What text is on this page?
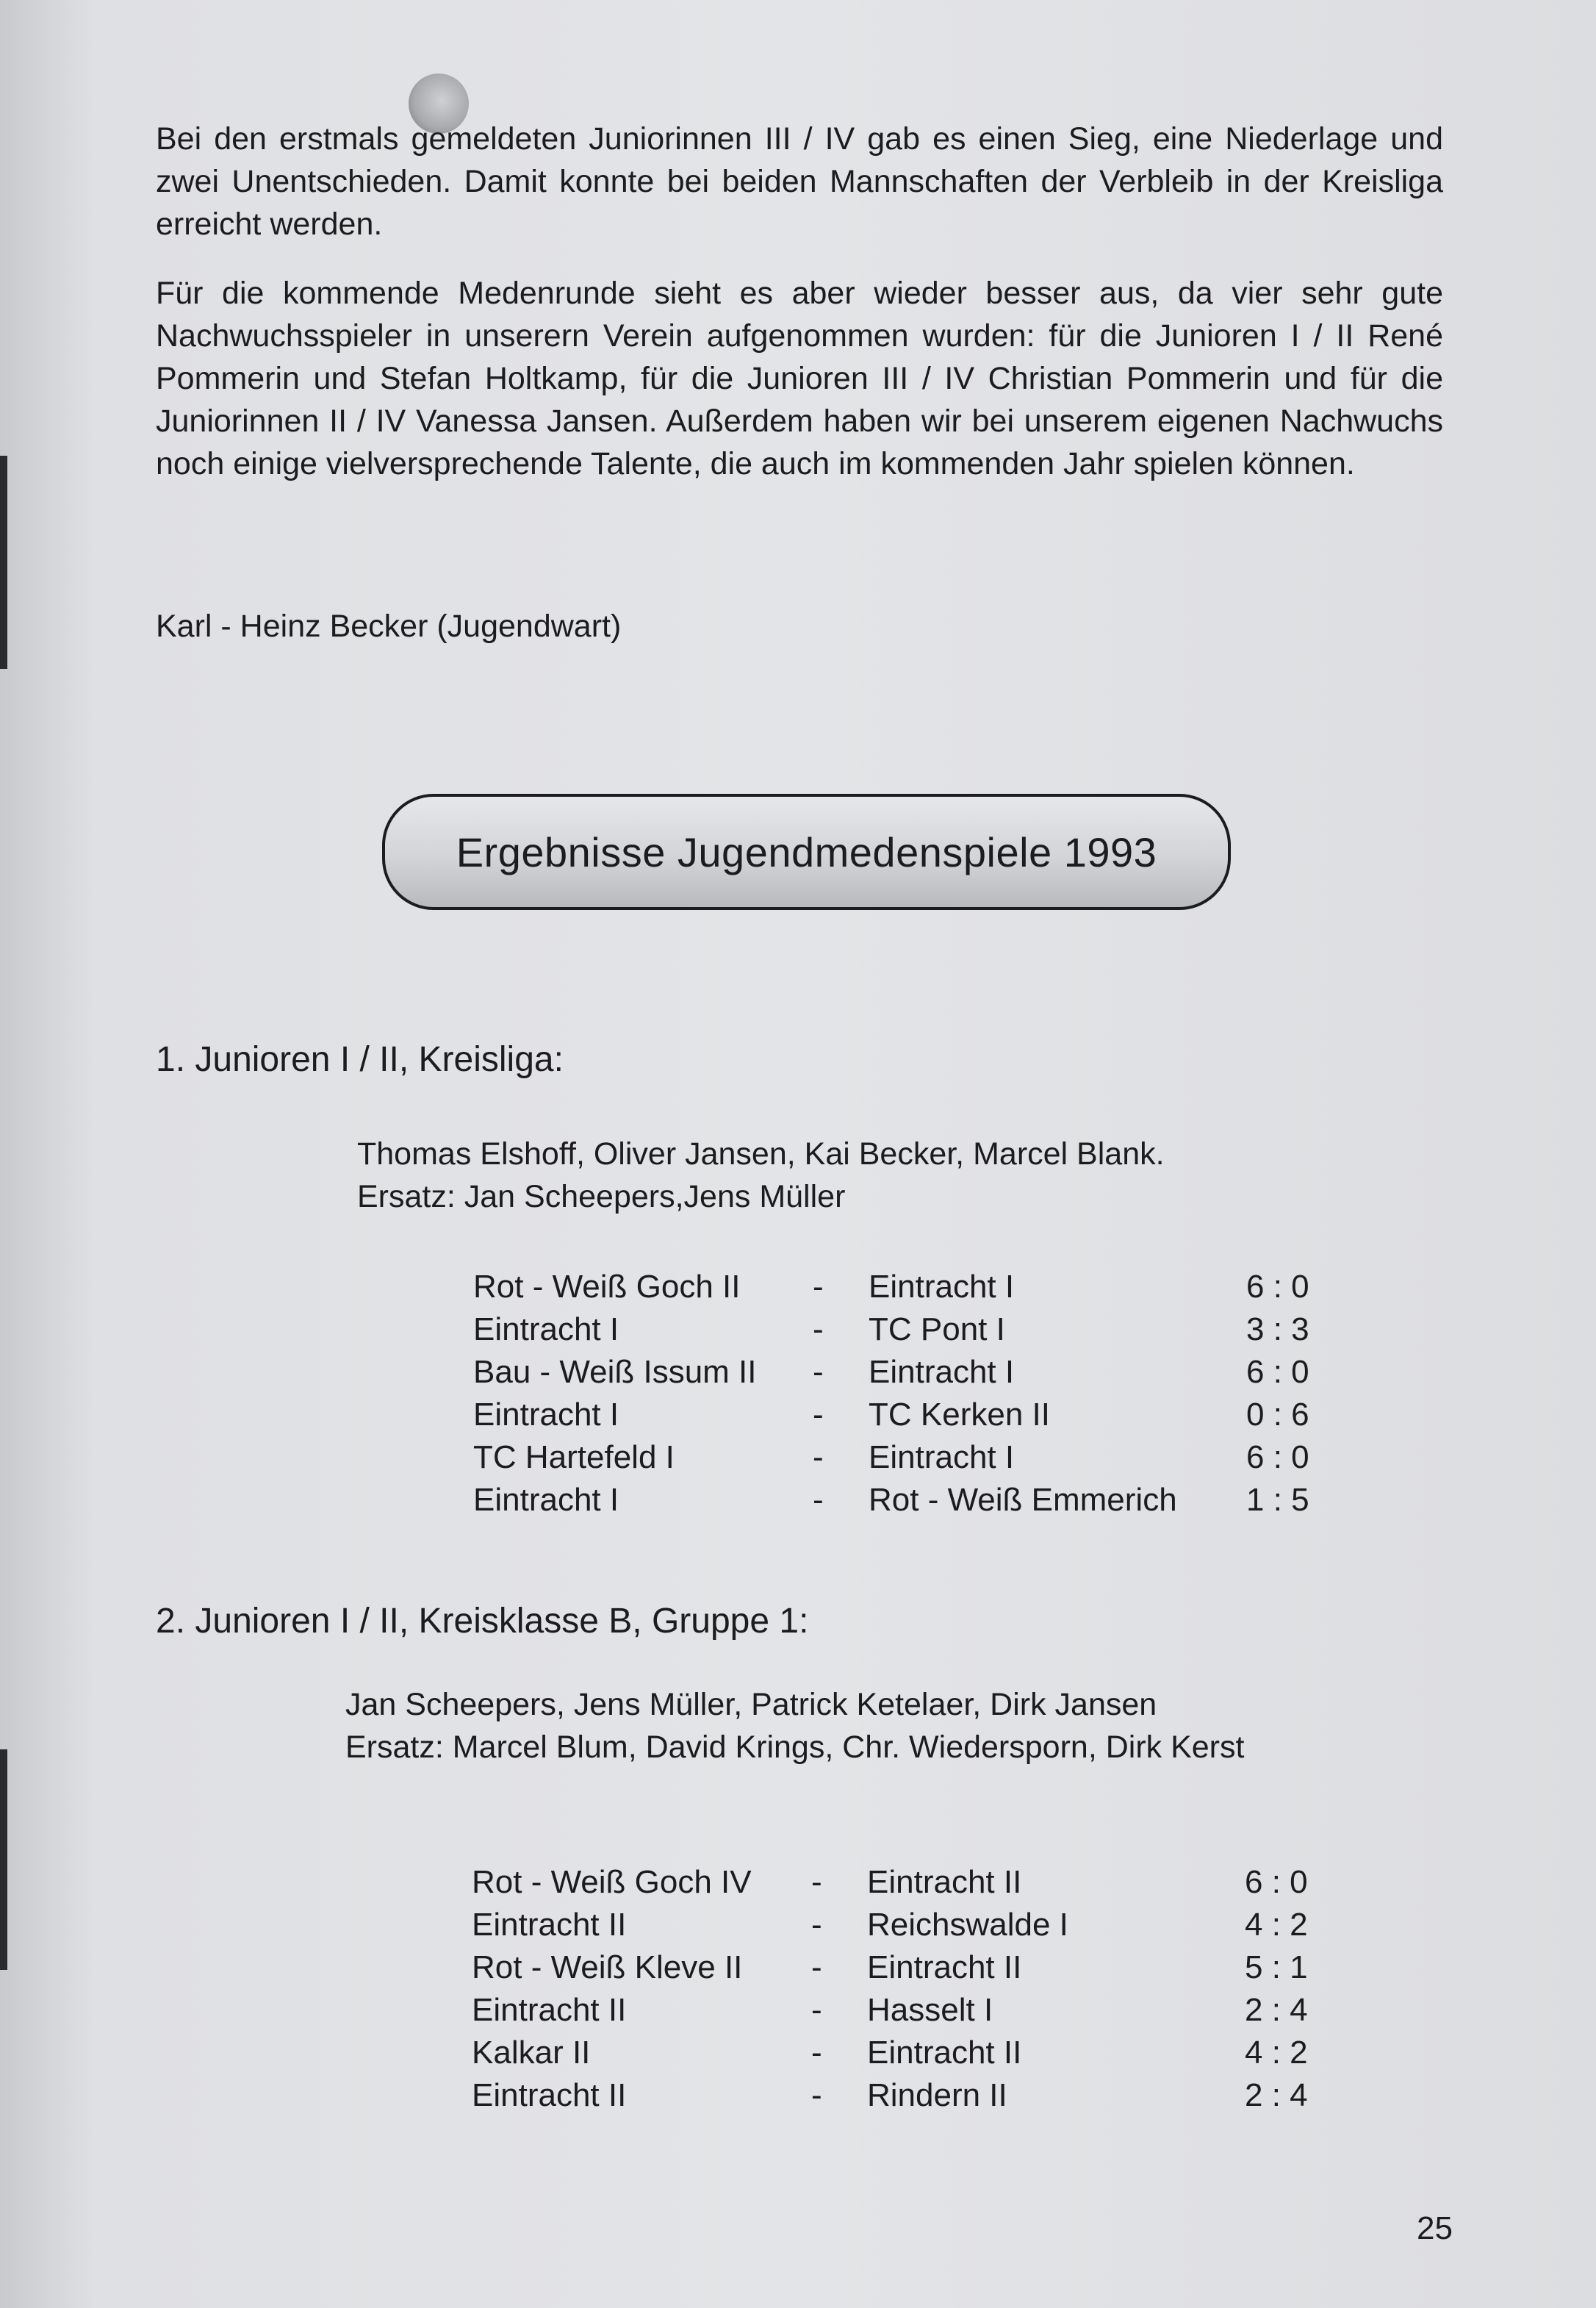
Bei den erstmals gemeldeten Juniorinnen III / IV gab es einen Sieg, eine Niederlage und zwei Unentschieden. Damit konnte bei beiden Mannschaften der Verbleib in der Kreisliga erreicht werden.

Für die kommende Medenrunde sieht es aber wieder besser aus, da vier sehr gute Nachwuchsspieler in unserern Verein aufgenommen wurden: für die Junioren I / II René Pommerin und Stefan Holtkamp, für die Junioren III / IV Christian Pommerin und für die Juniorinnen II / IV Vanessa Jansen. Außerdem haben wir bei unserem eigenen Nachwuchs noch einige vielversprechende Talente, die auch im kommenden Jahr spielen können.

Karl - Heinz Becker (Jugendwart)
Ergebnisse Jugendmedenspiele 1993
1. Junioren I / II, Kreisliga:
Thomas Elshoff, Oliver Jansen, Kai Becker, Marcel Blank.
Ersatz: Jan Scheepers,Jens Müller
Rot - Weiß Goch II - Eintracht I	6 : 0
Eintracht I	- TC Pont I	3 : 3
Bau - Weiß Issum II - Eintracht I	6 : 0
Eintracht I	- TC Kerken II	0 : 6
TC Hartefeld I	- Eintracht I	6 : 0
Eintracht I	- Rot - Weiß Emmerich 1 : 5
2. Junioren I / II, Kreisklasse B, Gruppe 1:
Jan Scheepers, Jens Müller, Patrick Ketelaer, Dirk Jansen
Ersatz: Marcel Blum, David Krings, Chr. Wiedersporn, Dirk Kerst
Rot - Weiß Goch IV - Eintracht II	6 : 0
Eintracht II	- Reichswalde I	4 : 2
Rot - Weiß Kleve II - Eintracht II	5 : 1
Eintracht II	- Hasselt I	2 : 4
Kalkar II	- Eintracht II	4 : 2
Eintracht II	- Rindern II	2 : 4
25
